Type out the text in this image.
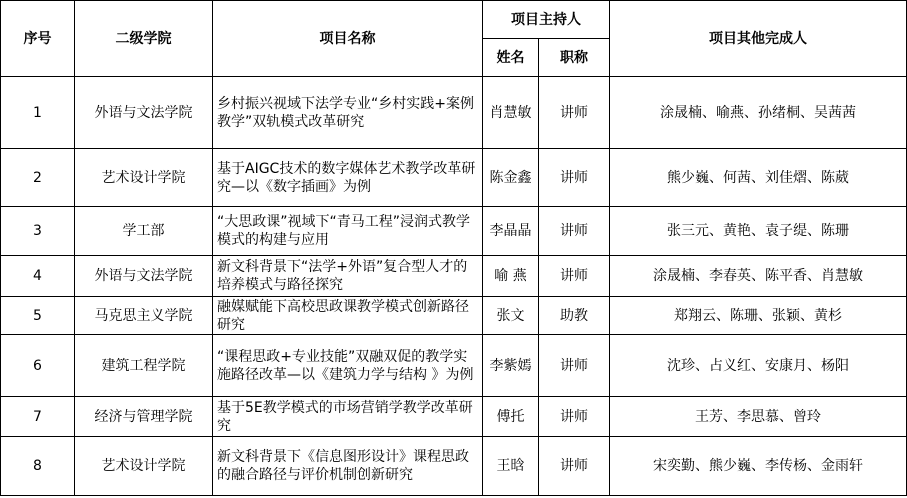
序号	二级学院	项目名称	项目主持人		项目其他完成人
			姓名	职称	
1	外语与文法学院	乡村振兴视域下法学专业“乡村实践+案例教学”双轨模式改革研究	肖慧敏	讲师	涂晟楠、喻燕、孙绪桐、吴茜茜
2	艺术设计学院	基于AIGC技术的数字媒体艺术教学改革研究—以《数字插画》为例	陈金鑫	讲师	熊少巍、何茜、刘佳熠、陈葳
3	学工部	“大思政课”视域下“青马工程”浸润式教学模式的构建与应用	李晶晶	讲师	张三元、黄艳、袁子缇、陈珊
4	外语与文法学院	新文科背景下“法学+外语”复合型人才的培养模式与路径探究	喻 燕	讲师	涂晟楠、李春英、陈平香、肖慧敏
5	马克思主义学院	融媒赋能下高校思政课教学模式创新路径研究	张文	助教	郑翔云、陈珊、张颖、黄杉
6	建筑工程学院	“课程思政+专业技能”双融双促的教学实施路径改革—以《建筑力学与结构 》为例	李紫嫣	讲师	沈珍、占义红、安康月、杨阳
7	经济与管理学院	基于5E教学模式的市场营销学教学改革研究	傅托	讲师	王芳、李思慕、曾玲
8	艺术设计学院	新文科背景下《信息图形设计》课程思政的融合路径与评价机制创新研究	王晗	讲师	宋奕勤、熊少巍、李传杨、金雨轩
